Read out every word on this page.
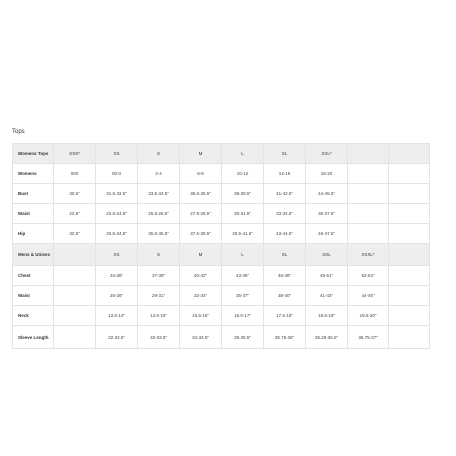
Tops
Womens Tops	XXS*	XS	S	M	L	XL	XXL*		
Womens	000	00-0	2-4	6-8	10-12	14-16	18-20		
Bust	30.5"	31.5-32.5"	33.5-34.5"	35.5-36.5"	38-39.5"	41-42.5"	44-45.5"		
Waist	22.5"	23.5-24.5"	25.5-26.5"	27.5-28.5"	30-31.5"	33-34.5"	36-37.5"		
Hip	32.5"	33.5-34.5"	35.5-36.5"	37.5-38.5"	40.5-41.5"	43-44.5"	46-47.5"		
Mens & Unisex		XS	S	M	L	XL	XXL	XXXL*	
Chest		34-36"	37-39"	40-42"	43-45"	46-48"	49-51"	52-54"	
Waist		26-28"	29-31"	32-34"	35-37"	38-40"	41-43"	44-46"	
Neck		13.5-14"	14.5-15"	15.5-16"	16.5-17"	17.5-18"	18.5-19"	19.5-20"	
Sleeve Length		32-32.5"	33-33.5"	34-34.5"	35-35.5"	35.75-36"	36.25-36.5"	36.75-37"	
